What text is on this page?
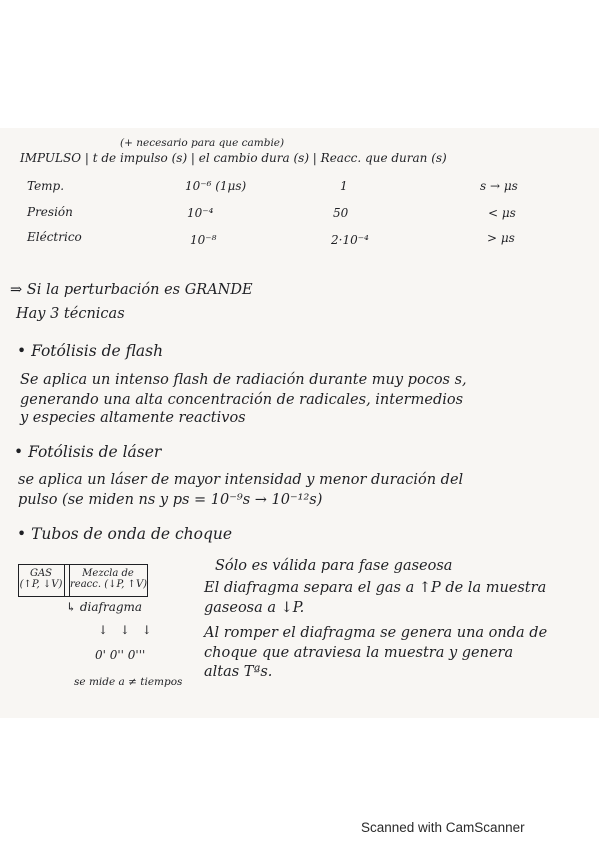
(+ necesario para que cambie)
IMPULSO | t de impulso (s) | el cambio dura (s) | Reacc. que duran (s)
Temp.	10⁻⁶ (1μs)	1	s → μs
Presión	10⁻⁴	50	< μs
Eléctrico	10⁻⁸	2·10⁻⁴	> μs
⇒ Si la perturbación es GRANDE
Hay 3 técnicas
• Fotólisis de flash
Se aplica un intenso flash de radiación durante muy pocos s,
generando una alta concentración de radicales, intermedios
y especies altamente reactivos
• Fotólisis de láser
se aplica un láser de mayor intensidad y menor duración del
pulso (se miden ns y ps = 10⁻⁹s → 10⁻¹²s)
• Tubos de onda de choque
GAS
(↑P, ↓V)
Mezcla de
reacc. (↓P, ↑V)
↳ diafragma
↓ ↓ ↓
0' 0'' 0'''
se mide a ≠ tiempos
Sólo es válida para fase gaseosa
El diafragma separa el gas a ↑P de la muestra
gaseosa a ↓P.
Al romper el diafragma se genera una onda de
choque que atraviesa la muestra y genera
altas Tªs.
Scanned with CamScanner
